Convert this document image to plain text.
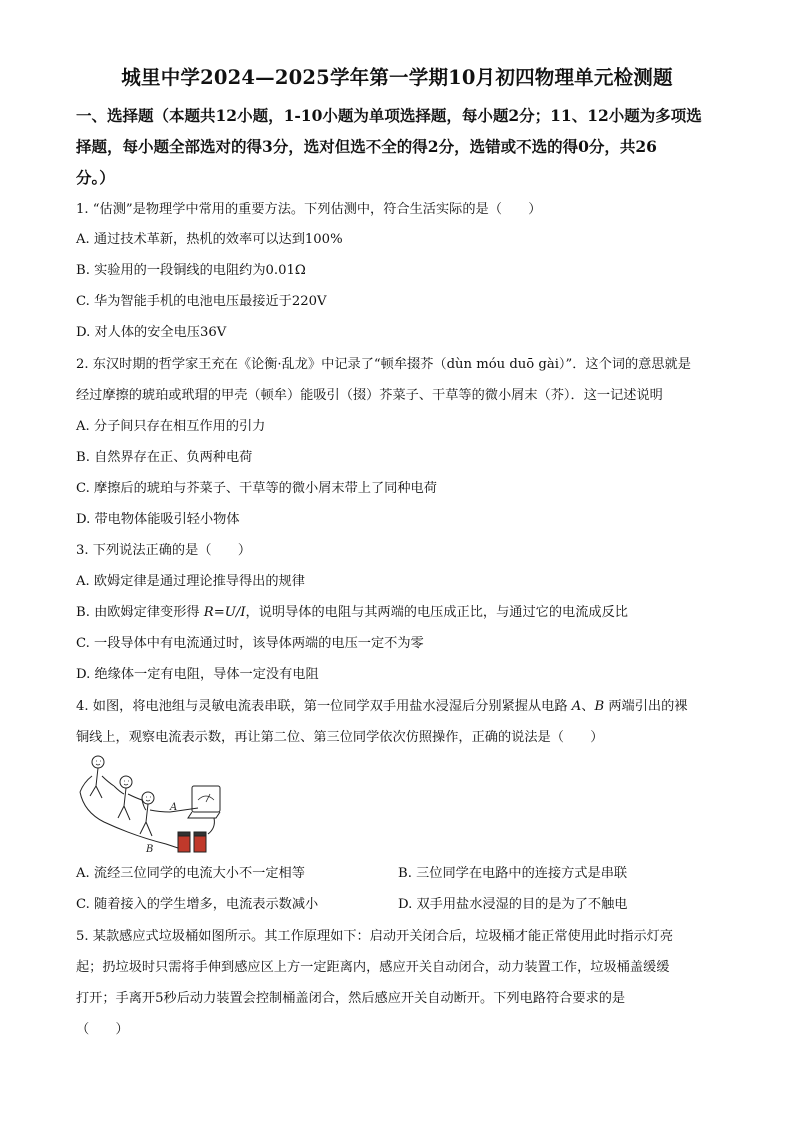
城里中学2024—2025学年第一学期10月初四物理单元检测题
一、选择题（本题共12小题，1-10小题为单项选择题，每小题2分；11、12小题为多项选
择题，每小题全部选对的得3分，选对但选不全的得2分，选错或不选的得0分，共26
分。）
1. “估测”是物理学中常用的重要方法。下列估测中，符合生活实际的是（　　）
A. 通过技术革新，热机的效率可以达到100%
B. 实验用的一段铜线的电阻约为0.01Ω
C. 华为智能手机的电池电压最接近于220V
D. 对人体的安全电压36V
2. 东汉时期的哲学家王充在《论衡·乱龙》中记录了“顿牟掇芥（dùn móu duō gài）”．这个词的意思就是
经过摩擦的琥珀或玳瑁的甲壳（顿牟）能吸引（掇）芥菜子、干草等的微小屑末（芥）．这一记述说明
A. 分子间只存在相互作用的引力
B. 自然界存在正、负两种电荷
C. 摩擦后的琥珀与芥菜子、干草等的微小屑末带上了同种电荷
D. 带电物体能吸引轻小物体
3. 下列说法正确的是（　　）
A. 欧姆定律是通过理论推导得出的规律
B. 由欧姆定律变形得 R=U/I，说明导体的电阻与其两端的电压成正比，与通过它的电流成反比
C. 一段导体中有电流通过时，该导体两端的电压一定不为零
D. 绝缘体一定有电阻，导体一定没有电阻
4. 如图，将电池组与灵敏电流表串联，第一位同学双手用盐水浸湿后分别紧握从电路 A、B 两端引出的裸
铜线上，观察电流表示数，再让第二位、第三位同学依次仿照操作，正确的说法是（　　）
A
B
A. 流经三位同学的电流大小不一定相等	B. 三位同学在电路中的连接方式是串联
C. 随着接入的学生增多，电流表示数减小	D. 双手用盐水浸湿的目的是为了不触电
5. 某款感应式垃圾桶如图所示。其工作原理如下：启动开关闭合后，垃圾桶才能正常使用此时指示灯亮
起；扔垃圾时只需将手伸到感应区上方一定距离内，感应开关自动闭合，动力装置工作，垃圾桶盖缓缓
打开；手离开5秒后动力装置会控制桶盖闭合，然后感应开关自动断开。下列电路符合要求的是
（　　）
